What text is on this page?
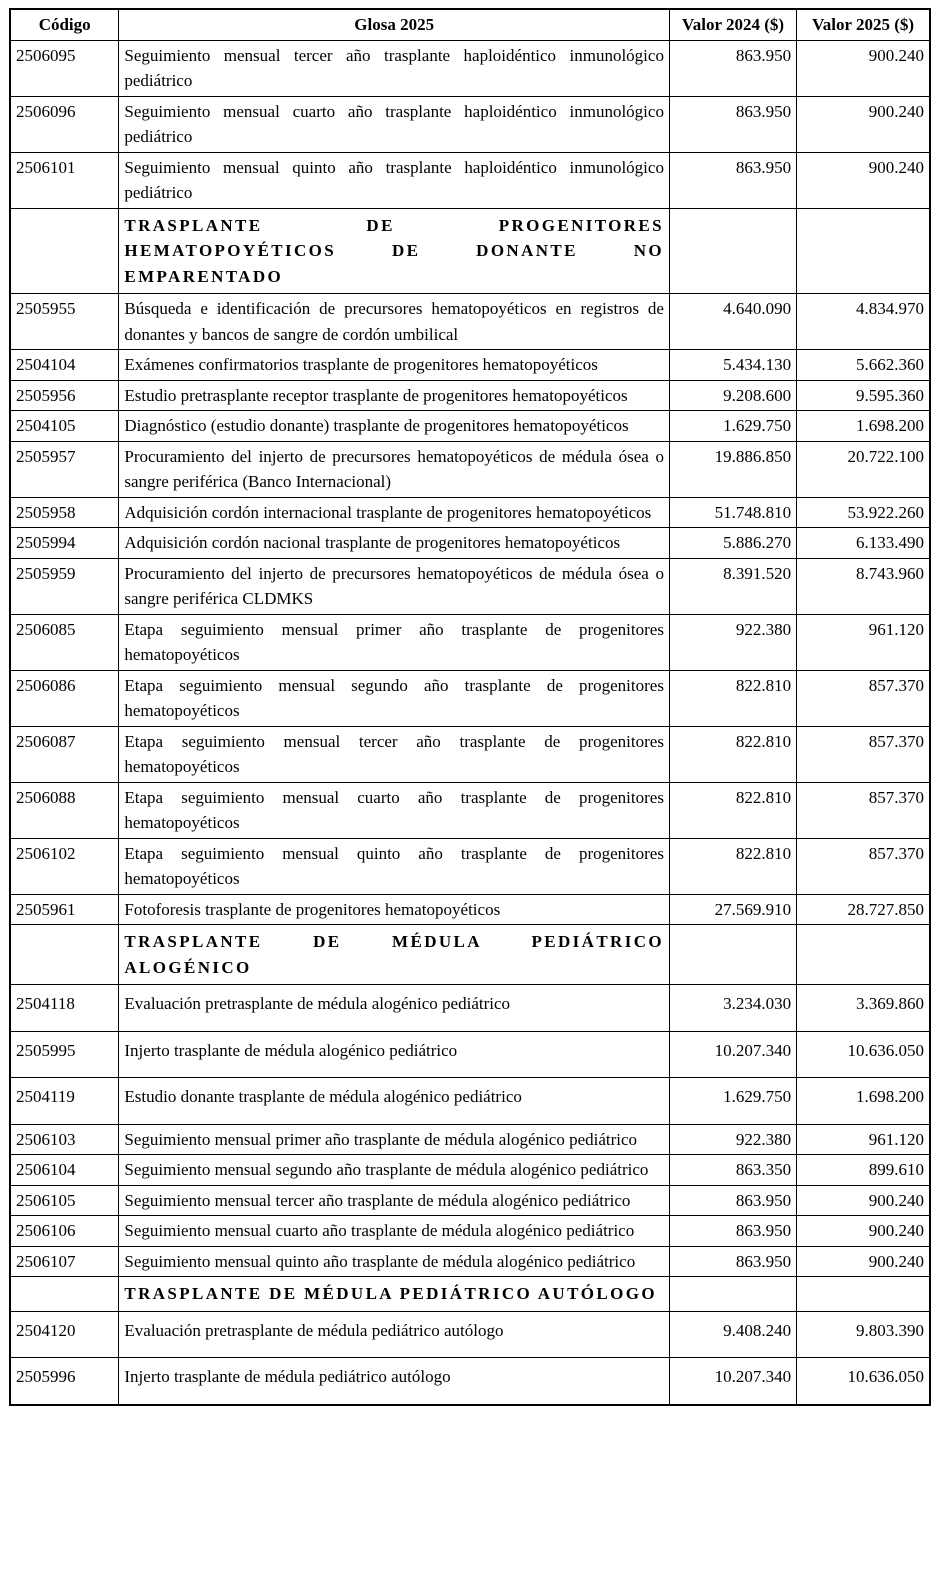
Código	Glosa 2025	Valor 2024 ($)	Valor 2025 ($)
2506095	Seguimiento mensual tercer año trasplante haploidéntico inmunológico pediátrico	863.950	900.240
2506096	Seguimiento mensual cuarto año trasplante haploidéntico inmunológico pediátrico	863.950	900.240
2506101	Seguimiento mensual quinto año trasplante haploidéntico inmunológico pediátrico	863.950	900.240
	TRASPLANTE DE PROGENITORES HEMATOPOYÉTICOS DE DONANTE NO EMPARENTADO		
2505955	Búsqueda e identificación de precursores hematopoyéticos en registros de donantes y bancos de sangre de cordón umbilical	4.640.090	4.834.970
2504104	Exámenes confirmatorios trasplante de progenitores hematopoyéticos	5.434.130	5.662.360
2505956	Estudio pretrasplante receptor trasplante de progenitores hematopoyéticos	9.208.600	9.595.360
2504105	Diagnóstico (estudio donante) trasplante de progenitores hematopoyéticos	1.629.750	1.698.200
2505957	Procuramiento del injerto de precursores hematopoyéticos de médula ósea o sangre periférica (Banco Internacional)	19.886.850	20.722.100
2505958	Adquisición cordón internacional trasplante de progenitores hematopoyéticos	51.748.810	53.922.260
2505994	Adquisición cordón nacional trasplante de progenitores hematopoyéticos	5.886.270	6.133.490
2505959	Procuramiento del injerto de precursores hematopoyéticos de médula ósea o sangre periférica CLDMKS	8.391.520	8.743.960
2506085	Etapa seguimiento mensual primer año trasplante de progenitores hematopoyéticos	922.380	961.120
2506086	Etapa seguimiento mensual segundo año trasplante de progenitores hematopoyéticos	822.810	857.370
2506087	Etapa seguimiento mensual tercer año trasplante de progenitores hematopoyéticos	822.810	857.370
2506088	Etapa seguimiento mensual cuarto año trasplante de progenitores hematopoyéticos	822.810	857.370
2506102	Etapa seguimiento mensual quinto año trasplante de progenitores hematopoyéticos	822.810	857.370
2505961	Fotoforesis trasplante de progenitores hematopoyéticos	27.569.910	28.727.850
	TRASPLANTE DE MÉDULA PEDIÁTRICO ALOGÉNICO		
2504118	Evaluación pretrasplante de médula alogénico pediátrico	3.234.030	3.369.860
2505995	Injerto trasplante de médula alogénico pediátrico	10.207.340	10.636.050
2504119	Estudio donante trasplante de médula alogénico pediátrico	1.629.750	1.698.200
2506103	Seguimiento mensual primer año trasplante de médula alogénico pediátrico	922.380	961.120
2506104	Seguimiento mensual segundo año trasplante de médula alogénico pediátrico	863.350	899.610
2506105	Seguimiento mensual tercer año trasplante de médula alogénico pediátrico	863.950	900.240
2506106	Seguimiento mensual cuarto año trasplante de médula alogénico pediátrico	863.950	900.240
2506107	Seguimiento mensual quinto año trasplante de médula alogénico pediátrico	863.950	900.240
	TRASPLANTE DE MÉDULA PEDIÁTRICO AUTÓLOGO		
2504120	Evaluación pretrasplante de médula pediátrico autólogo	9.408.240	9.803.390
2505996	Injerto trasplante de médula pediátrico autólogo	10.207.340	10.636.050
